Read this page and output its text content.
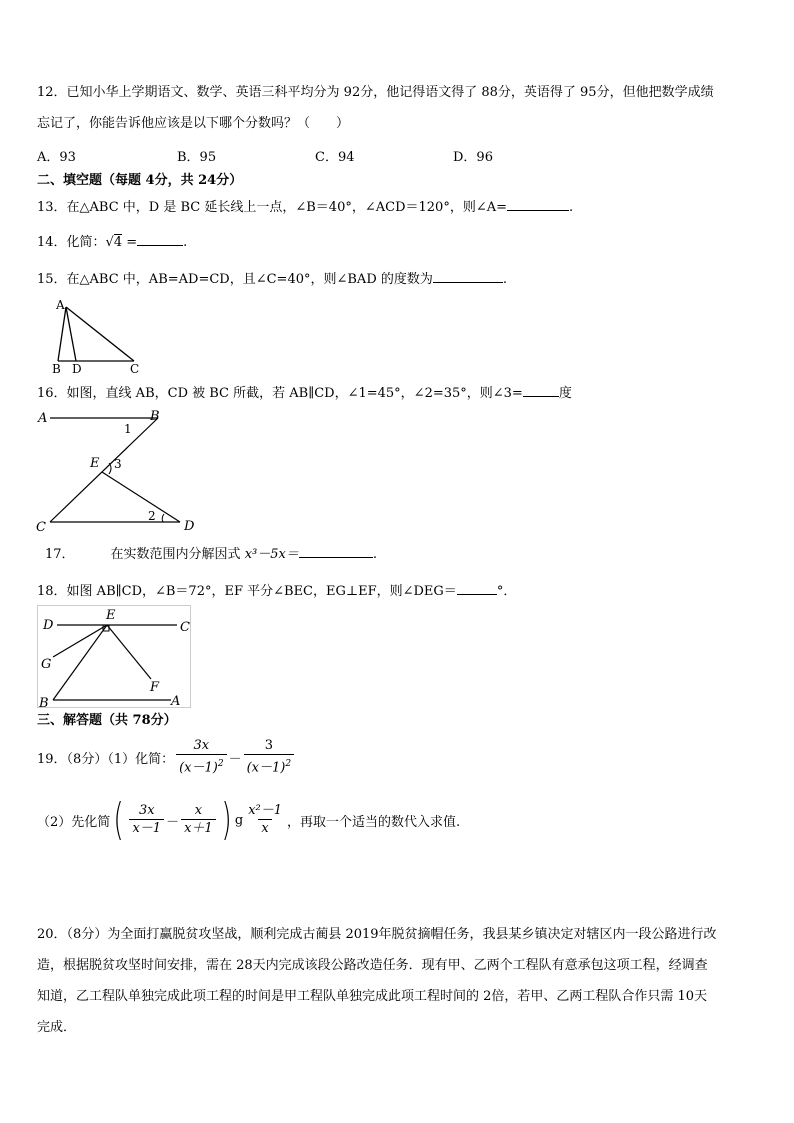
12．已知小华上学期语文、数学、英语三科平均分为 92分，他记得语文得了 88分，英语得了 95分，但他把数学成绩
忘记了，你能告诉他应该是以下哪个分数吗？（　　）
A．93	B．95	C．94	D．96
二、填空题（每题 4分，共 24分）
13．在△ABC 中，D 是 BC 延长线上一点，∠B＝40°，∠ACD＝120°，则∠A=	.
14．化简：√4 =	.
15．在△ABC 中，AB=AD=CD，且∠C=40°，则∠BAD 的度数为	.
A
B D	C
16．如图，直线 AB，CD 被 BC 所截，若 AB∥CD，∠1=45°，∠2=35°，则∠3=	度
A	B
1
E 3
C
2
D
17．	在实数范围内分解因式 x³－5x＝	.
18．如图 AB∥CD，∠B＝72°，EF 平分∠BEC，EG⊥EF，则∠DEG＝	°．
E
D	C
G
F
B	A
三、解答题（共 78分）
19．（8分）（1）化简： $\frac{3x}{(x-1)^2} - \frac{3}{(x-1)^2}$
（2）先化简 ( $\frac{3x}{x-1} - \frac{x}{x+1}$ ) g $\frac{\text{x²－1}}{x}$ ，再取一个适当的数代入求值.
20．（8分）为全面打赢脱贫攻坚战，顺利完成古蔺县 2019年脱贫摘帽任务，我县某乡镇决定对辖区内一段公路进行改
造，根据脱贫攻坚时间安排，需在 28天内完成该段公路改造任务．现有甲、乙两个工程队有意承包这项工程，经调查
知道，乙工程队单独完成此项工程的时间是甲工程队单独完成此项工程时间的 2倍，若甲、乙两工程队合作只需 10天
完成．
